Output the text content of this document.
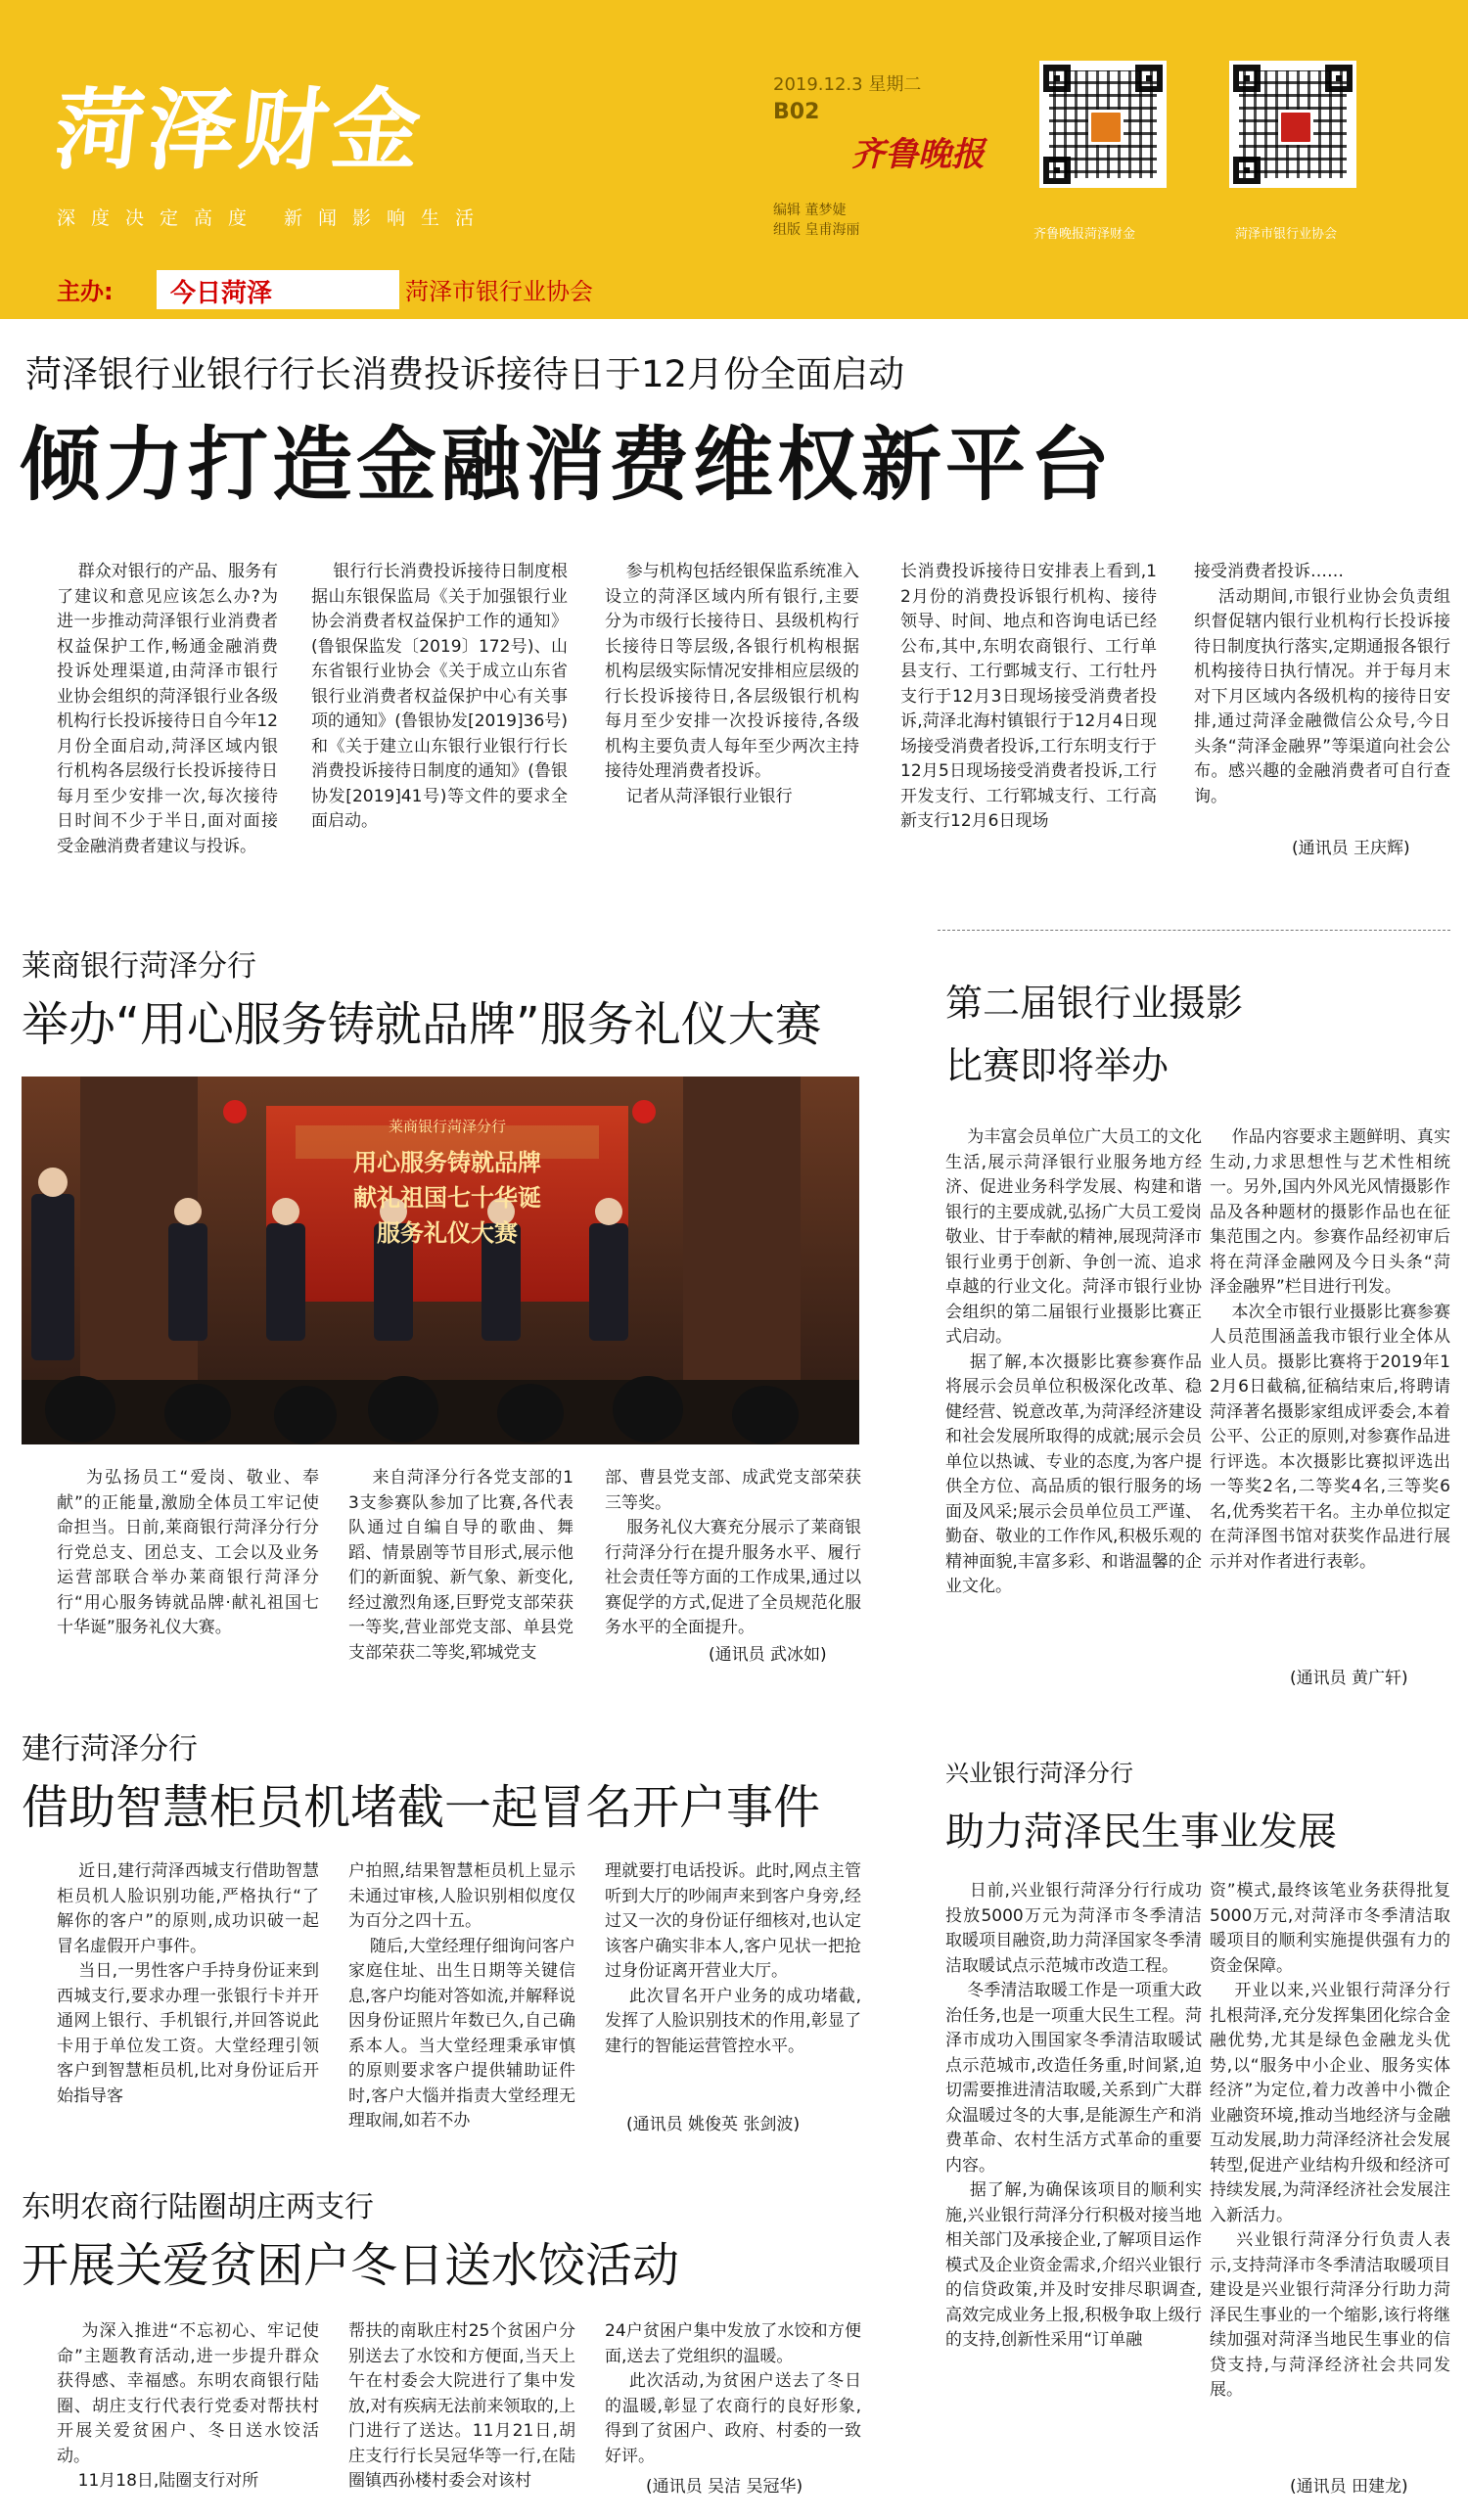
菏泽财金
深度决定高度 新闻影响生活
2019.12.3 星期二
B02
齐鲁晚报
编辑 董梦婕
组版 皇甫海丽	齐鲁晚报菏泽财金	菏泽市银行业协会
主办:	今日菏泽	菏泽市银行业协会
菏泽银行业银行行长消费投诉接待日于12月份全面启动
倾力打造金融消费维权新平台
群众对银行的产品、服务有了建议和意见应该怎么办?为进一步推动菏泽银行业消费者权益保护工作,畅通金融消费投诉处理渠道,由菏泽市银行业协会组织的菏泽银行业各级机构行长投诉接待日自今年12月份全面启动,菏泽区域内银行机构各层级行长投诉接待日每月至少安排一次,每次接待日时间不少于半日,面对面接受金融消费者建议与投诉。
银行行长消费投诉接待日制度根据山东银保监局《关于加强银行业协会消费者权益保护工作的通知》(鲁银保监发〔2019〕172号)、山东省银行业协会《关于成立山东省银行业消费者权益保护中心有关事项的通知》(鲁银协发[2019]36号)和《关于建立山东银行业银行行长消费投诉接待日制度的通知》(鲁银协发[2019]41号)等文件的要求全面启动。
参与机构包括经银保监系统准入设立的菏泽区域内所有银行,主要分为市级行长接待日、县级机构行长接待日等层级,各银行机构根据机构层级实际情况安排相应层级的行长投诉接待日,各层级银行机构每月至少安排一次投诉接待,各级机构主要负责人每年至少两次主持接待处理消费者投诉。
记者从菏泽银行业银行
长消费投诉接待日安排表上看到,12月份的消费投诉银行机构、接待领导、时间、地点和咨询电话已经公布,其中,东明农商银行、工行单县支行、工行鄄城支行、工行牡丹支行于12月3日现场接受消费者投诉,菏泽北海村镇银行于12月4日现场接受消费者投诉,工行东明支行于12月5日现场接受消费者投诉,工行开发支行、工行郓城支行、工行高新支行12月6日现场
接受消费者投诉……
活动期间,市银行业协会负责组织督促辖内银行业机构行长投诉接待日制度执行落实,定期通报各银行机构接待日执行情况。并于每月末对下月区域内各级机构的接待日安排,通过菏泽金融微信公众号,今日头条“菏泽金融界”等渠道向社会公布。感兴趣的金融消费者可自行查询。
(通讯员 王庆辉)
莱商银行菏泽分行
举办“用心服务铸就品牌”服务礼仪大赛
莱商银行菏泽分行
用心服务铸就品牌
献礼祖国七十华诞
服务礼仪大赛
为弘扬员工“爱岗、敬业、奉献”的正能量,激励全体员工牢记使命担当。日前,莱商银行菏泽分行分行党总支、团总支、工会以及业务运营部联合举办莱商银行菏泽分行“用心服务铸就品牌·献礼祖国七十华诞”服务礼仪大赛。
来自菏泽分行各党支部的13支参赛队参加了比赛,各代表队通过自编自导的歌曲、舞蹈、情景剧等节目形式,展示他们的新面貌、新气象、新变化,经过激烈角逐,巨野党支部荣获一等奖,营业部党支部、单县党支部荣获二等奖,郓城党支
部、曹县党支部、成武党支部荣获三等奖。
服务礼仪大赛充分展示了莱商银行菏泽分行在提升服务水平、履行社会责任等方面的工作成果,通过以赛促学的方式,促进了全员规范化服务水平的全面提升。
(通讯员 武冰如)
第二届银行业摄影
比赛即将举办
为丰富会员单位广大员工的文化生活,展示菏泽银行业服务地方经济、促进业务科学发展、构建和谐银行的主要成就,弘扬广大员工爱岗敬业、甘于奉献的精神,展现菏泽市银行业勇于创新、争创一流、追求卓越的行业文化。菏泽市银行业协会组织的第二届银行业摄影比赛正式启动。
据了解,本次摄影比赛参赛作品将展示会员单位积极深化改革、稳健经营、锐意改革,为菏泽经济建设和社会发展所取得的成就;展示会员单位以热诚、专业的态度,为客户提供全方位、高品质的银行服务的场面及风采;展示会员单位员工严谨、勤奋、敬业的工作作风,积极乐观的精神面貌,丰富多彩、和谐温馨的企业文化。
作品内容要求主题鲜明、真实生动,力求思想性与艺术性相统一。另外,国内外风光风情摄影作品及各种题材的摄影作品也在征集范围之内。参赛作品经初审后将在菏泽金融网及今日头条“菏泽金融界”栏目进行刊发。
本次全市银行业摄影比赛参赛人员范围涵盖我市银行业全体从业人员。摄影比赛将于2019年12月6日截稿,征稿结束后,将聘请菏泽著名摄影家组成评委会,本着公平、公正的原则,对参赛作品进行评选。本次摄影比赛拟评选出一等奖2名,二等奖4名,三等奖6名,优秀奖若干名。主办单位拟定在菏泽图书馆对获奖作品进行展示并对作者进行表彰。
(通讯员 黄广轩)
建行菏泽分行
借助智慧柜员机堵截一起冒名开户事件
近日,建行菏泽西城支行借助智慧柜员机人脸识别功能,严格执行“了解你的客户”的原则,成功识破一起冒名虚假开户事件。
当日,一男性客户手持身份证来到西城支行,要求办理一张银行卡并开通网上银行、手机银行,并回答说此卡用于单位发工资。大堂经理引领客户到智慧柜员机,比对身份证后开始指导客
户拍照,结果智慧柜员机上显示未通过审核,人脸识别相似度仅为百分之四十五。
随后,大堂经理仔细询问客户家庭住址、出生日期等关键信息,客户均能对答如流,并解释说因身份证照片年数已久,自己确系本人。当大堂经理秉承审慎的原则要求客户提供辅助证件时,客户大惱并指责大堂经理无理取闹,如若不办
理就要打电话投诉。此时,网点主管听到大厅的吵闹声来到客户身旁,经过又一次的身份证仔细核对,也认定该客户确实非本人,客户见状一把抢过身份证离开营业大厅。
此次冒名开户业务的成功堵截,发挥了人脸识别技术的作用,彰显了建行的智能运营管控水平。
(通讯员 姚俊英 张剑波)
兴业银行菏泽分行
助力菏泽民生事业发展
日前,兴业银行菏泽分行行成功投放5000万元为菏泽市冬季清洁取暖项目融资,助力菏泽国家冬季清洁取暖试点示范城市改造工程。
冬季清洁取暖工作是一项重大政治任务,也是一项重大民生工程。菏泽市成功入围国家冬季清洁取暖试点示范城市,改造任务重,时间紧,迫切需要推进清洁取暖,关系到广大群众温暖过冬的大事,是能源生产和消费革命、农村生活方式革命的重要内容。
据了解,为确保该项目的顺利实施,兴业银行菏泽分行积极对接当地相关部门及承接企业,了解项目运作模式及企业资金需求,介绍兴业银行的信贷政策,并及时安排尽职调查,高效完成业务上报,积极争取上级行的支持,创新性采用“订单融
资”模式,最终该笔业务获得批复5000万元,对菏泽市冬季清洁取暖项目的顺利实施提供强有力的资金保障。
开业以来,兴业银行菏泽分行扎根菏泽,充分发挥集团化综合金融优势,尤其是绿色金融龙头优势,以“服务中小企业、服务实体经济”为定位,着力改善中小微企业融资环境,推动当地经济与金融互动发展,助力菏泽经济社会发展转型,促进产业结构升级和经济可持续发展,为菏泽经济社会发展注入新活力。
兴业银行菏泽分行负责人表示,支持菏泽市冬季清洁取暖项目建设是兴业银行菏泽分行助力菏泽民生事业的一个缩影,该行将继续加强对菏泽当地民生事业的信贷支持,与菏泽经济社会共同发展。
(通讯员 田建龙)
东明农商行陆圈胡庄两支行
开展关爱贫困户冬日送水饺活动
为深入推进“不忘初心、牢记使命”主题教育活动,进一步提升群众获得感、幸福感。东明农商银行陆圈、胡庄支行代表行党委对帮扶村开展关爱贫困户、冬日送水饺活动。
11月18日,陆圈支行对所
帮扶的南耿庄村25个贫困户分别送去了水饺和方便面,当天上午在村委会大院进行了集中发放,对有疾病无法前来领取的,上门进行了送达。11月21日,胡庄支行行长吴冠华等一行,在陆圈镇西孙楼村委会对该村
24户贫困户集中发放了水饺和方便面,送去了党组织的温暖。
此次活动,为贫困户送去了冬日的温暖,彰显了农商行的良好形象,得到了贫困户、政府、村委的一致好评。
(通讯员 吴洁 吴冠华)
